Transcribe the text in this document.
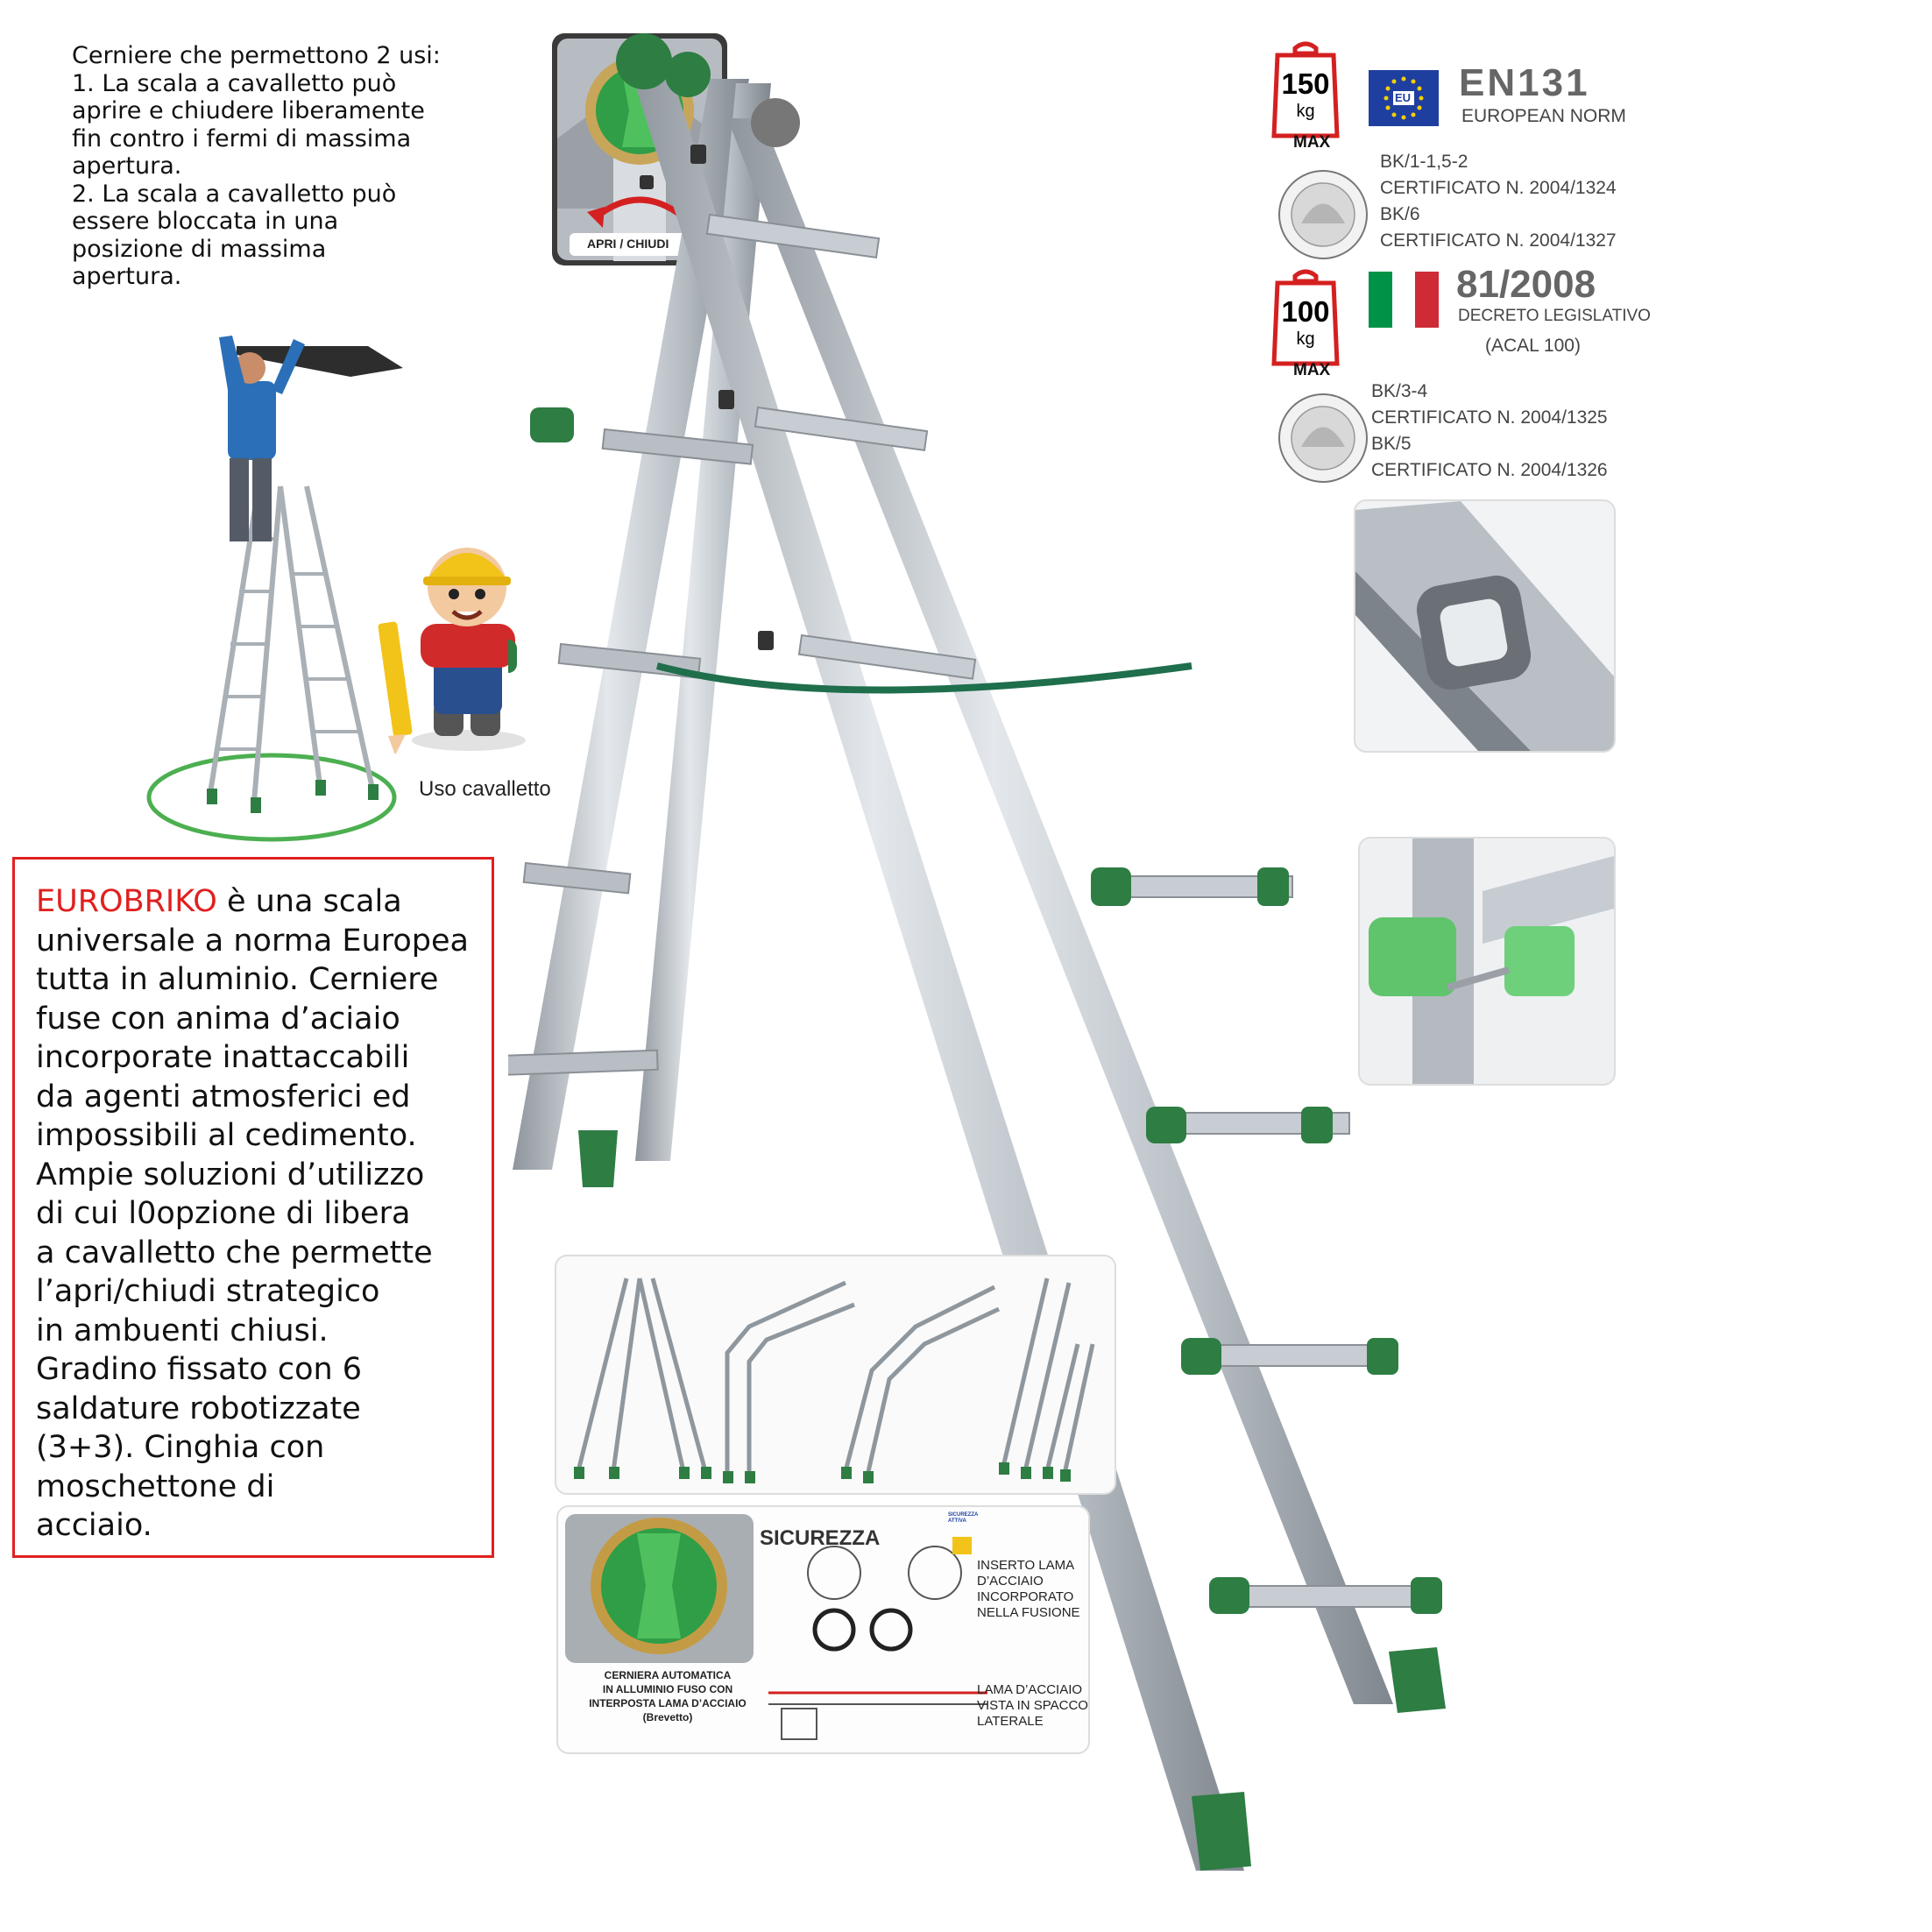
Cerniere che permettono 2 usi:
1. La scala a cavalletto può
aprire e chiudere liberamente
fin contro i fermi di massima
apertura.
2. La scala a cavalletto può
essere bloccata in una
posizione di massima
apertura.
APRI / CHIUDI
Uso cavalletto

EUROBRIKO è una scala

universale a norma Europea

tutta in aluminio. Cerniere

fuse con anima d’aciaio

incorporate inattaccabili

da agenti atmosferici ed

impossibili al cedimento.

Ampie soluzioni d’utilizzo

di cui l0opzione di libera

a cavalletto che permette

l’apri/chiudi strategico

in ambuenti chiusi.

Gradino fissato con 6

saldature robotizzate

(3+3). Cinghia con

moschettone di

acciaio.

150
kg
MAX
EU EN131
EUROPEAN NORM
BK/1-1,5-2
CERTIFICATO N. 2004/1324
BK/6
CERTIFICATO N. 2004/1327
100
kg
MAX
81/2008
DECRETO LEGISLATIVO
(ACAL 100)
BK/3-4
CERTIFICATO N. 2004/1325
BK/5
CERTIFICATO N. 2004/1326
SICUREZZA
SICUREZZA ATTIVA
INSERTO LAMA
D’ACCIAIO
INCORPORATO
NELLA FUSIONE
LAMA D’ACCIAIO
VISTA IN SPACCO
LATERALE
CERNIERA AUTOMATICA
IN ALLUMINIO FUSO CON
INTERPOSTA LAMA D’ACCIAIO
(Brevetto)
